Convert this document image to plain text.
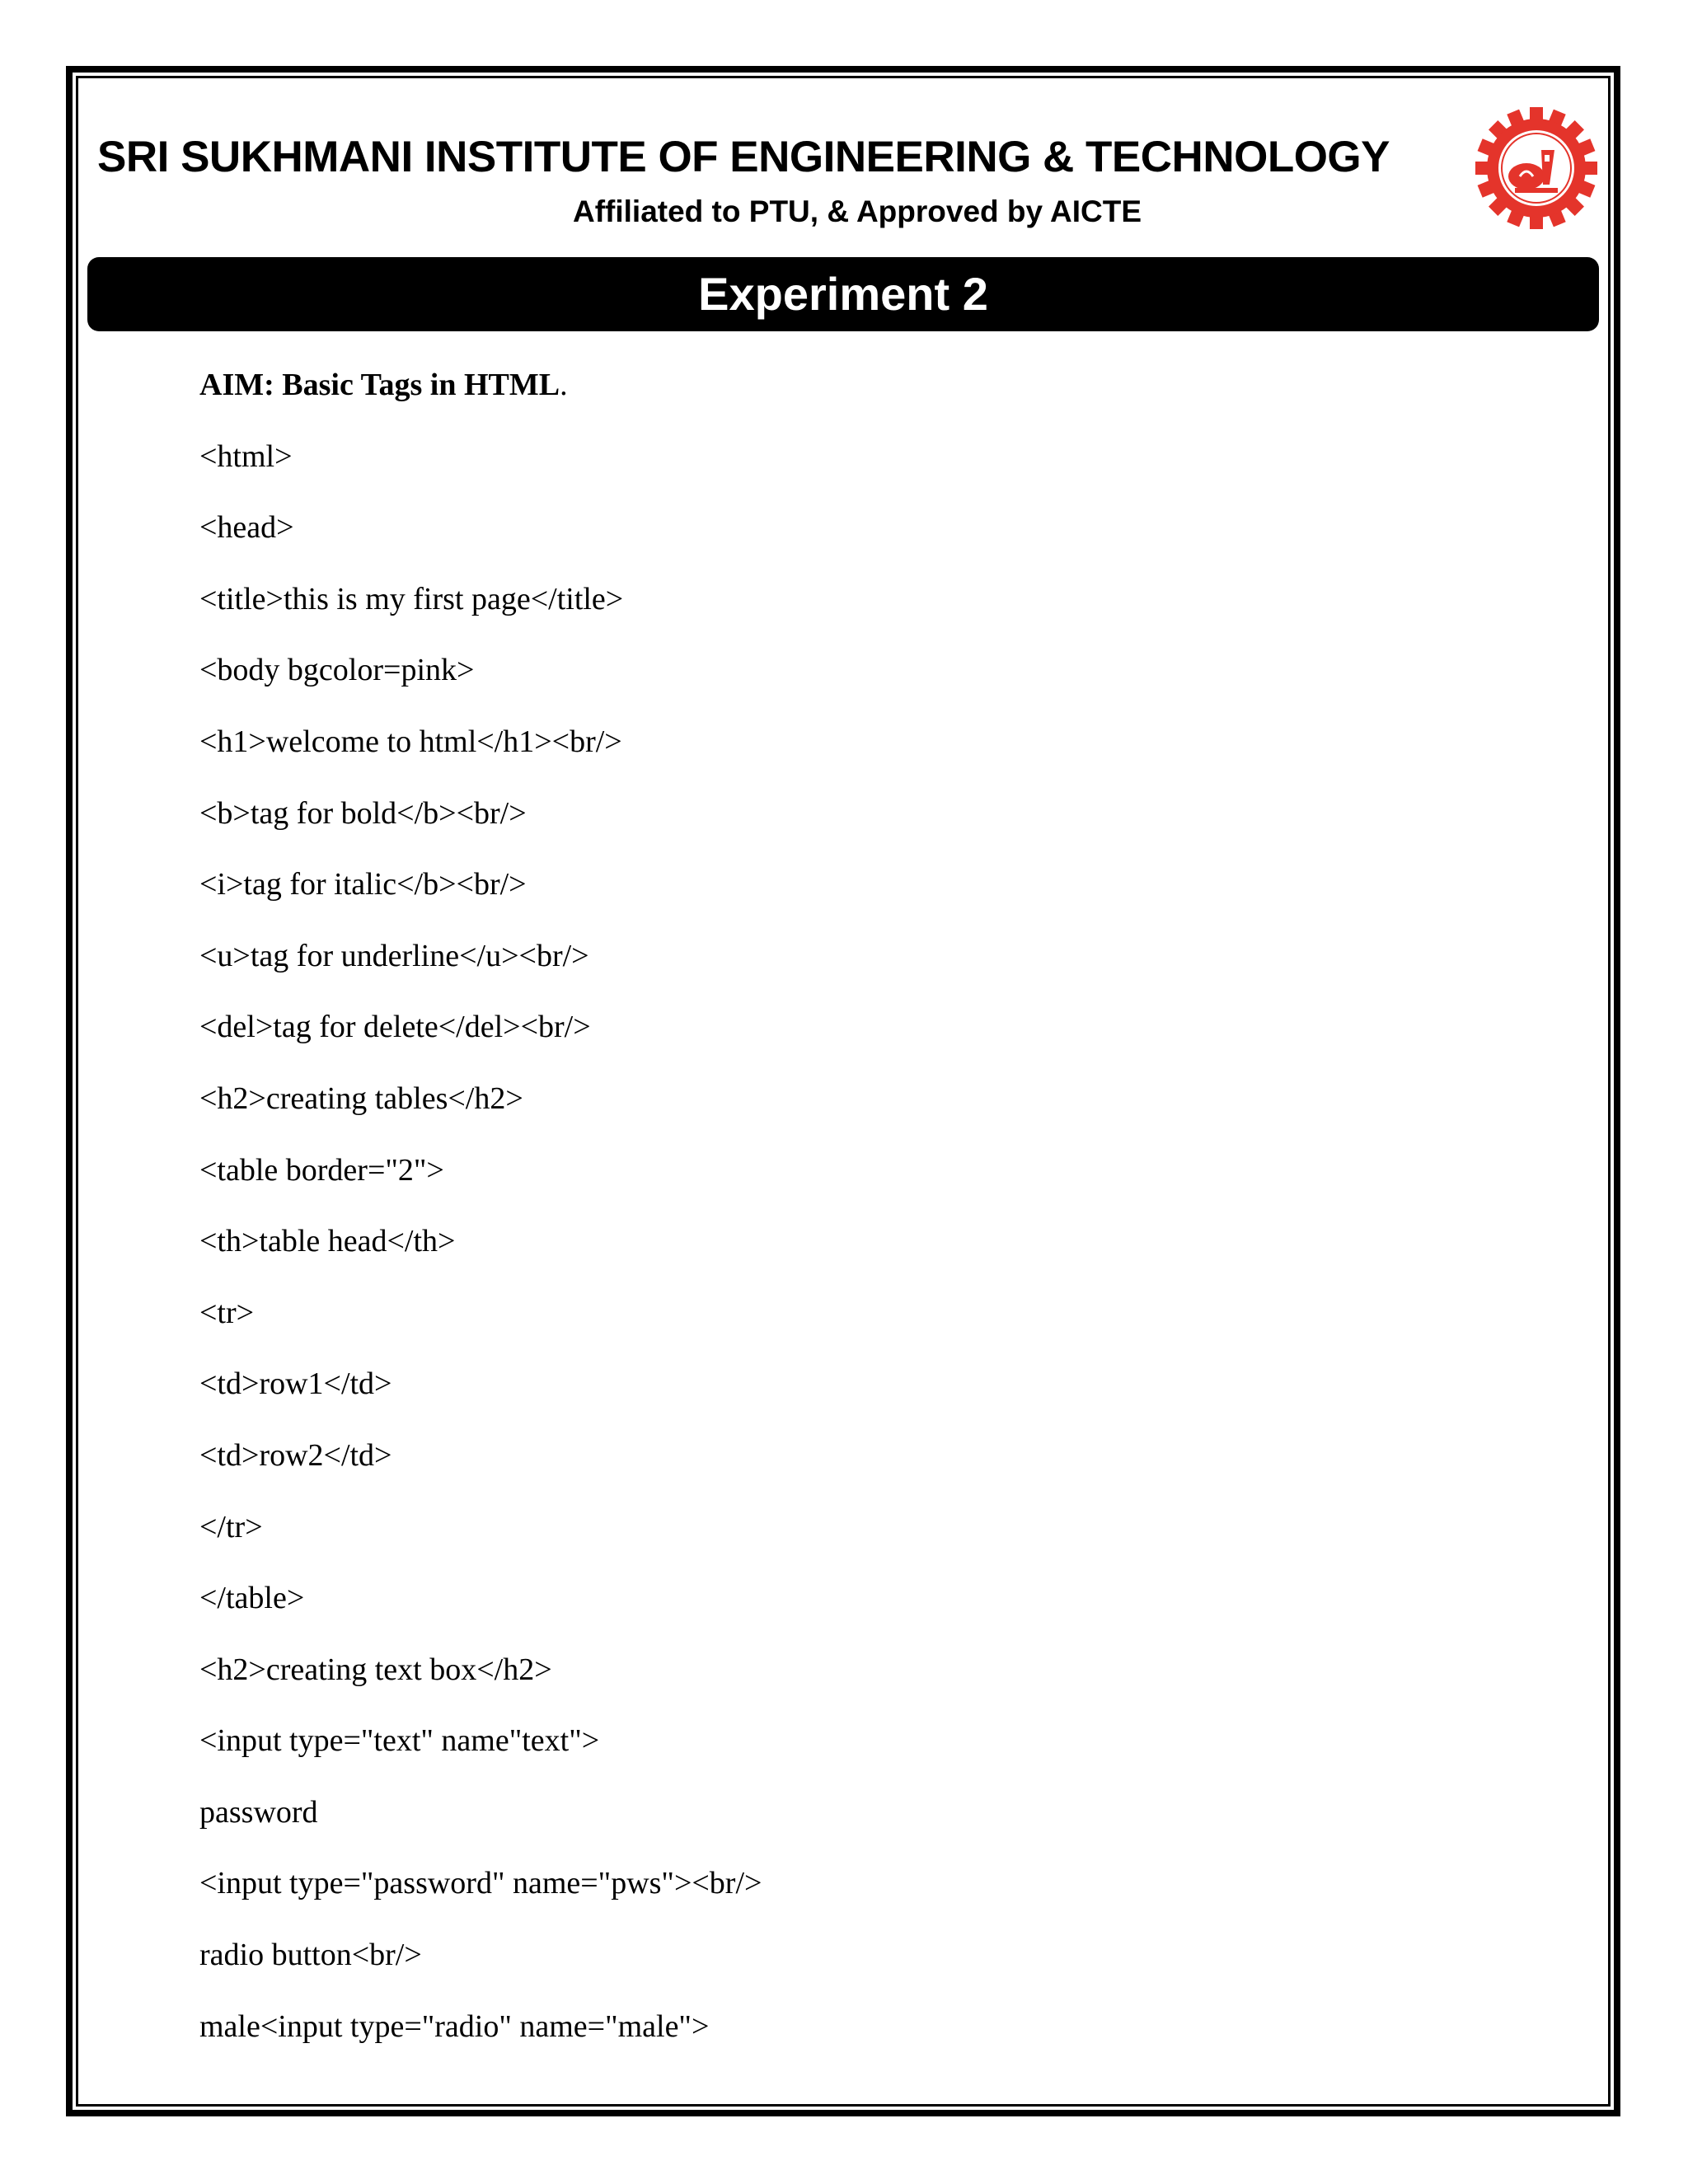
SRI SUKHMANI INSTITUTE OF ENGINEERING & TECHNOLOGY
Affiliated to PTU, & Approved by AICTE
Experiment 2
AIM: Basic Tags in HTML.
<html>
<head>
<title>this is my first page</title>
<body bgcolor=pink>
<h1>welcome to html</h1><br/>
<b>tag for bold</b><br/>
<i>tag for italic</b><br/>
<u>tag for underline</u><br/>
<del>tag for delete</del><br/>
<h2>creating tables</h2>
<table border="2">
<th>table head</th>
<tr>
<td>row1</td>
<td>row2</td>
</tr>
</table>
<h2>creating text box</h2>
<input type="text" name"text">
password
<input type="password" name="pws"><br/>
radio button<br/>
male<input type="radio" name="male">
